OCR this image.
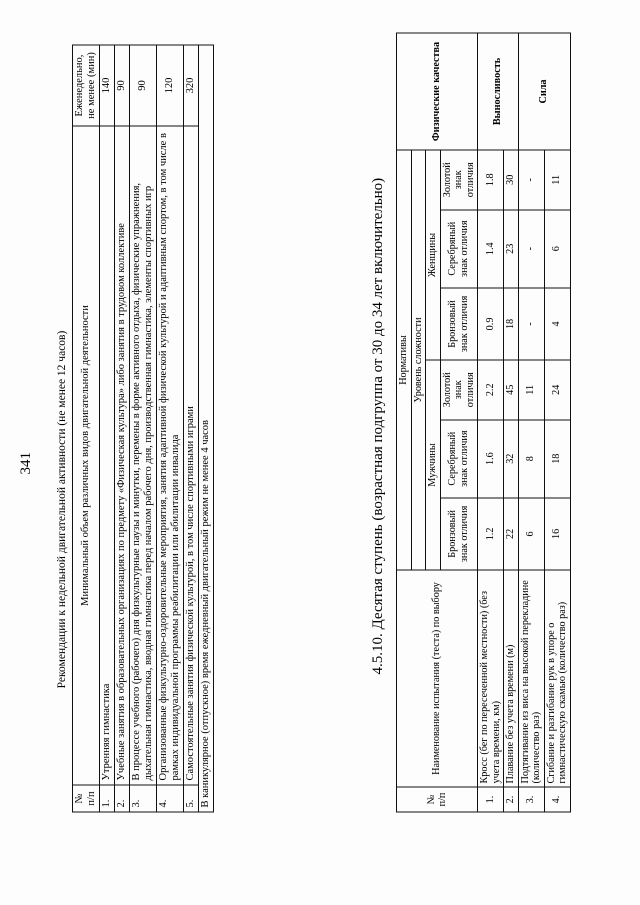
341 Рекомендации к недельной двигательной активности (не менее 12 часов)
№ п/п	Минимальный объем различных видов двигательной деятельности	Еженедельно, не менее (мин)
1.	Утренняя гимнастика	140
2.	Учебные занятия в образовательных организациях по предмету «Физическая культура» либо занятия в трудовом коллективе	90
3.	В процессе учебного (рабочего) дня физкультурные паузы и минутки, перемены в форме активного отдыха, физические упражнения, дыхательная гимнастика, вводная гимнастика перед началом рабочего дня, производственная гимнастика, элементы спортивных игр	90
4.	Организованные физкультурно-оздоровительные мероприятия, занятия адаптивной физической культурой и адаптивным спортом, в том числе в рамках индивидуальной программы реабилитации или абилитации инвалида	120
5.	Самостоятельные занятия физической культурой, в том числе спортивными играми	320
В каникулярное (отпускное) время ежедневный двигательный режим не менее 4 часов			4.5.10. Десятая ступень (возрастная подгруппа от 30 до 34 лет включительно)
№ п/п	Наименование испытания (теста) по выбору	Нормативы						Физические качества
		Уровень сложности						
		Мужчины			Женщины			
		Бронзовый знак отличия	Серебряный знак отличия	Золотой знак отличия	Бронзовый знак отличия	Серебряный знак отличия	Золотой знак отличия	
1.	Кросс (бег по пересеченной местности) (без учета времени, км)	1.2	1.6	2.2	0.9	1.4	1.8	Выносливость
2.	Плавание без учета времени (м)	22	32	45	18	23	30	
3.	Подтягивание из виса на высокой перекладине (количество раз)	6	8	11	-	-	-	Сила
4.	Сгибание и разгибание рук в упоре о гимнастическую скамью (количество раз)	16	18	24	4	6	11	
